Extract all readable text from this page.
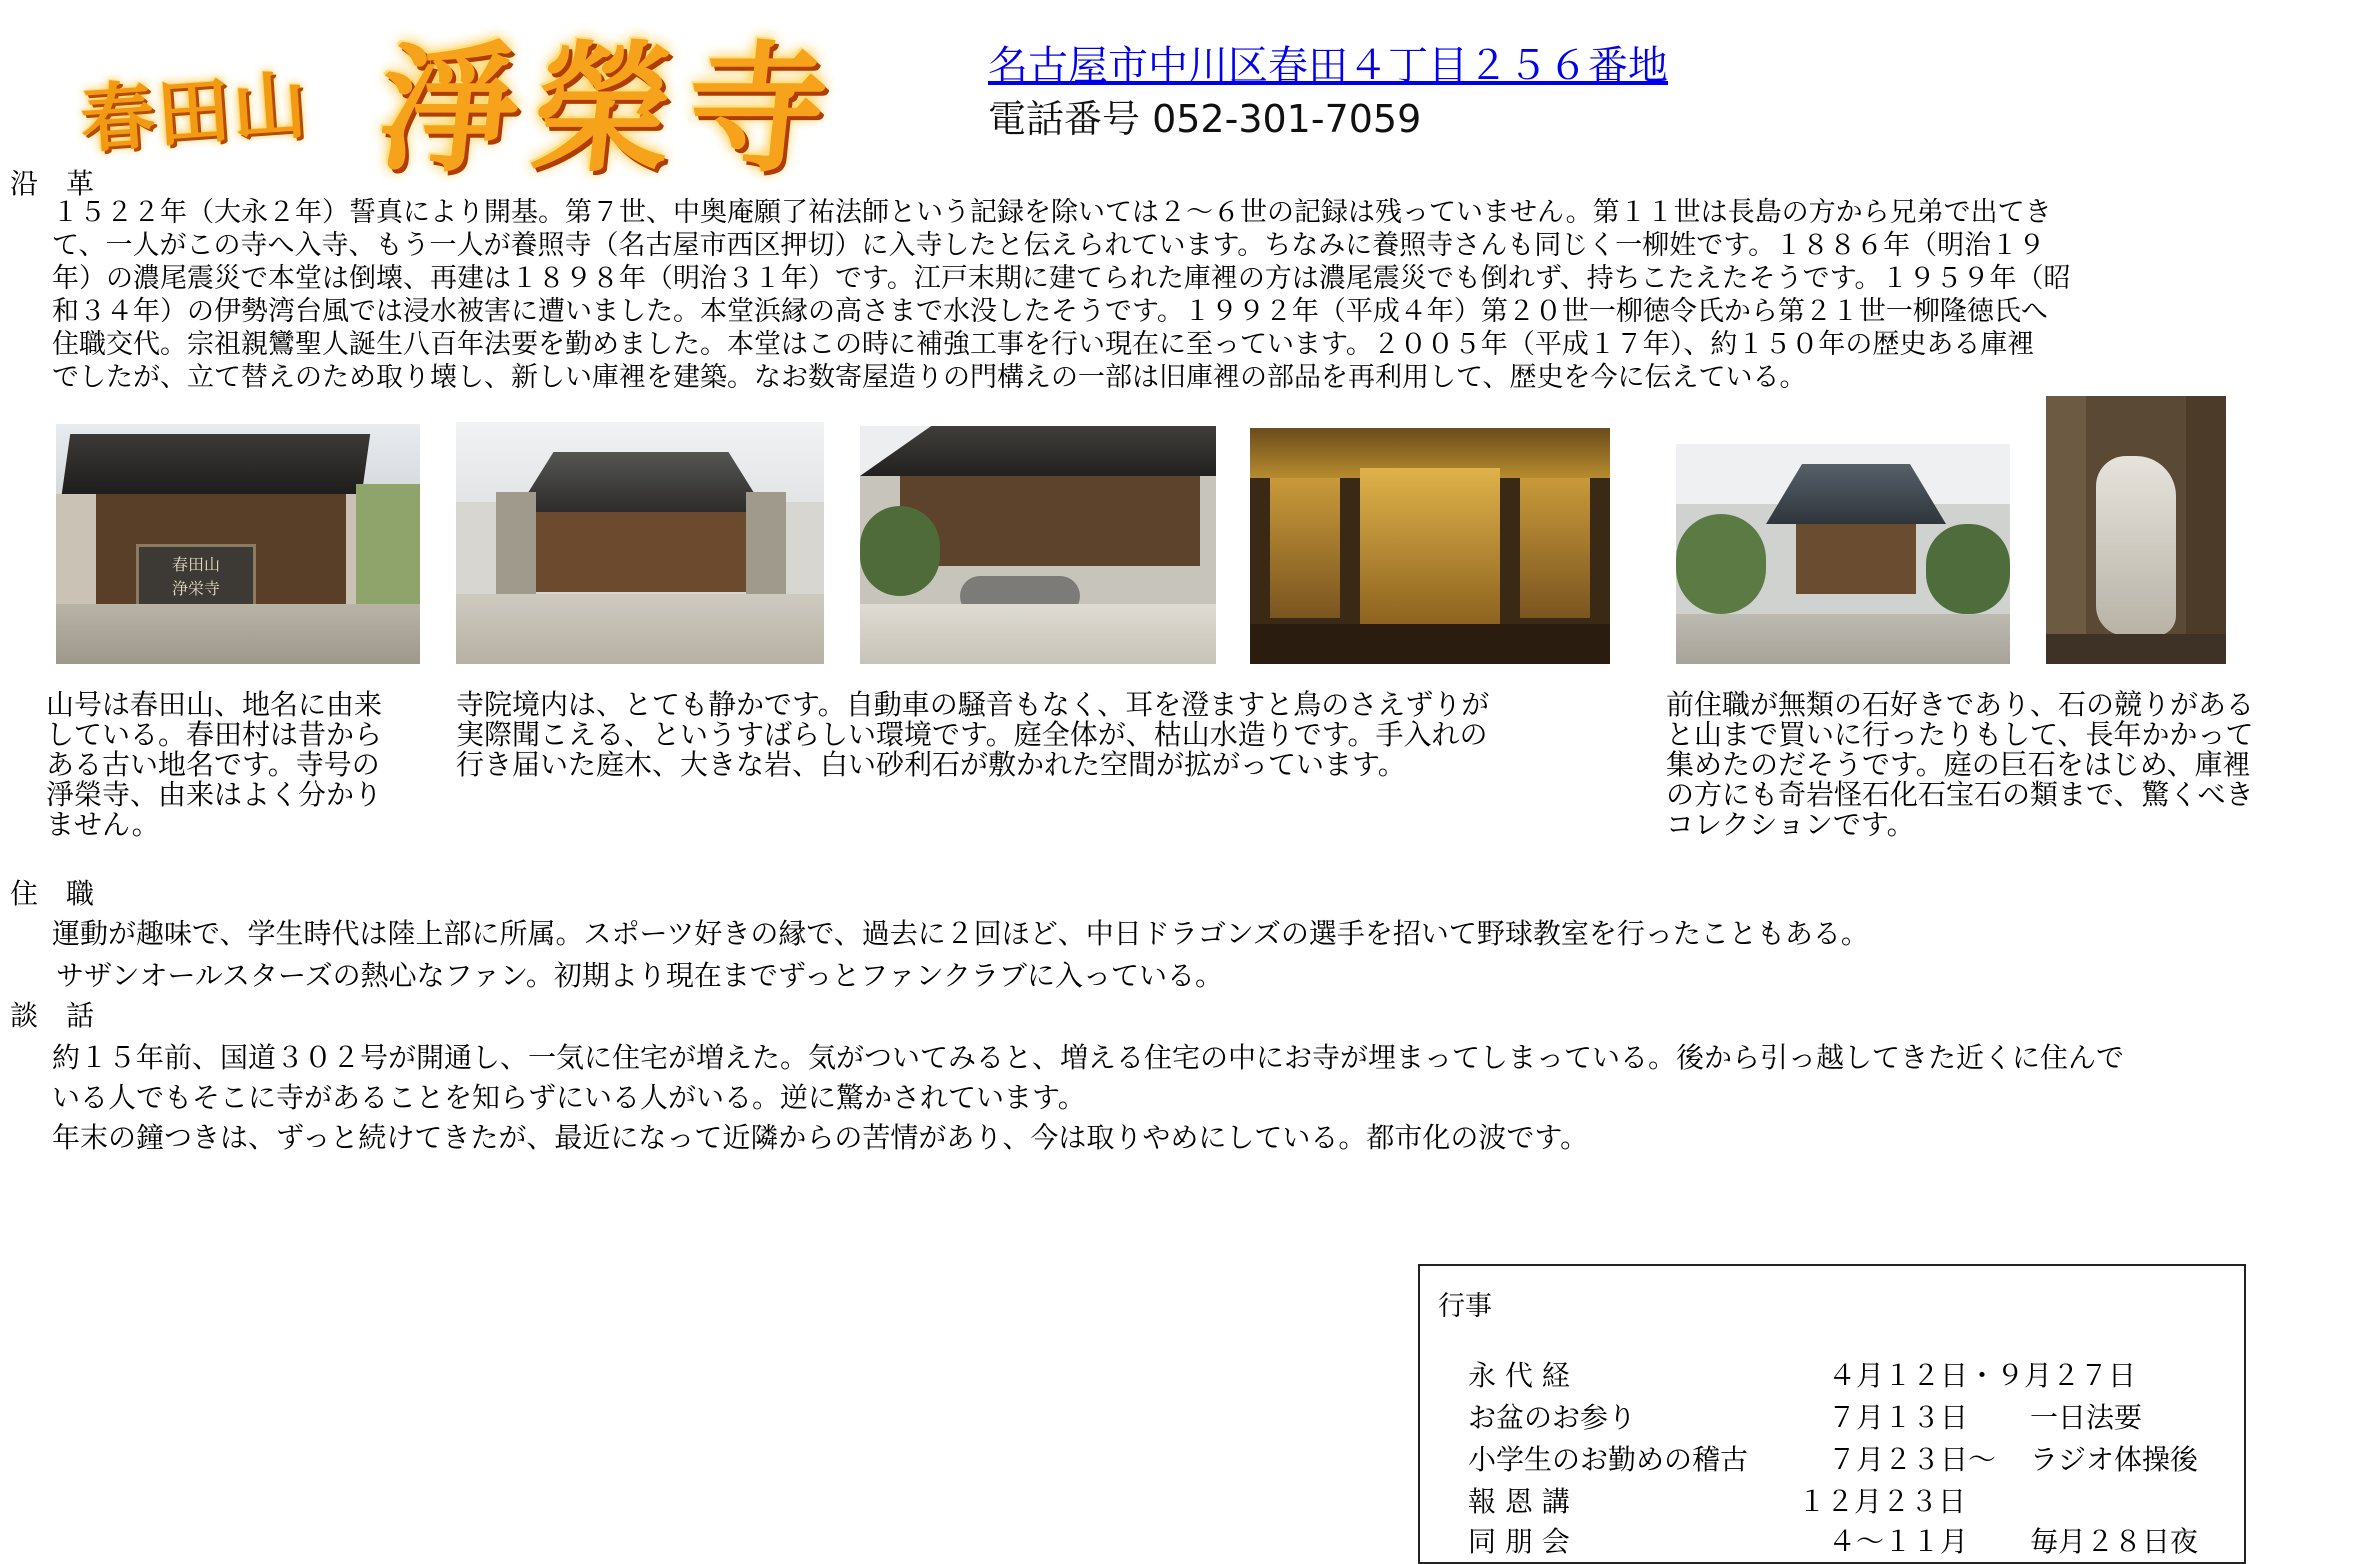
春田山 淨榮寺	名古屋市中川区春田４丁目２５６番地
電話番号 052-301-7059
沿　革
１５２２年（大永２年）誓真により開基。第７世、中奥庵願了祐法師という記録を除いては２～６世の記録は残っていません。第１１世は長島の方から兄弟で出てき
て、一人がこの寺へ入寺、もう一人が養照寺（名古屋市西区押切）に入寺したと伝えられています。ちなみに養照寺さんも同じく一柳姓です。１８８６年（明治１９
年）の濃尾震災で本堂は倒壊、再建は１８９８年（明治３１年）です。江戸末期に建てられた庫裡の方は濃尾震災でも倒れず、持ちこたえたそうです。１９５９年（昭
和３４年）の伊勢湾台風では浸水被害に遭いました。本堂浜縁の高さまで水没したそうです。１９９２年（平成４年）第２０世一柳徳令氏から第２１世一柳隆徳氏へ
住職交代。宗祖親鸞聖人誕生八百年法要を勤めました。本堂はこの時に補強工事を行い現在に至っています。２００５年（平成１７年）、約１５０年の歴史ある庫裡
でしたが、立て替えのため取り壊し、新しい庫裡を建築。なお数寄屋造りの門構えの一部は旧庫裡の部品を再利用して、歴史を今に伝えている。
春田山
浄栄寺
山号は春田山、地名に由来
している。春田村は昔から
ある古い地名です。寺号の
淨榮寺、由来はよく分かり
ません。
寺院境内は、とても静かです。自動車の騒音もなく、耳を澄ますと鳥のさえずりが
実際聞こえる、というすばらしい環境です。庭全体が、枯山水造りです。手入れの
行き届いた庭木、大きな岩、白い砂利石が敷かれた空間が拡がっています。
前住職が無類の石好きであり、石の競りがある
と山まで買いに行ったりもして、長年かかって
集めたのだそうです。庭の巨石をはじめ、庫裡
の方にも奇岩怪石化石宝石の類まで、驚くべき
コレクションです。
住　職
運動が趣味で、学生時代は陸上部に所属。スポーツ好きの縁で、過去に２回ほど、中日ドラゴンズの選手を招いて野球教室を行ったこともある。
サザンオールスターズの熱心なファン。初期より現在までずっとファンクラブに入っている。
談　話
約１５年前、国道３０２号が開通し、一気に住宅が増えた。気がついてみると、増える住宅の中にお寺が埋まってしまっている。後から引っ越してきた近くに住んで
いる人でもそこに寺があることを知らずにいる人がいる。逆に驚かされています。
年末の鐘つきは、ずっと続けてきたが、最近になって近隣からの苦情があり、今は取りやめにしている。都市化の波です。
行事
永 代 経	４月１２日・９月２７日
お盆のお参り	７月１３日 一日法要
小学生のお勤めの稽古	７月２３日～ ラジオ体操後
報 恩 講	１２月２３日
同 朋 会	４～１１月 毎月２８日夜
